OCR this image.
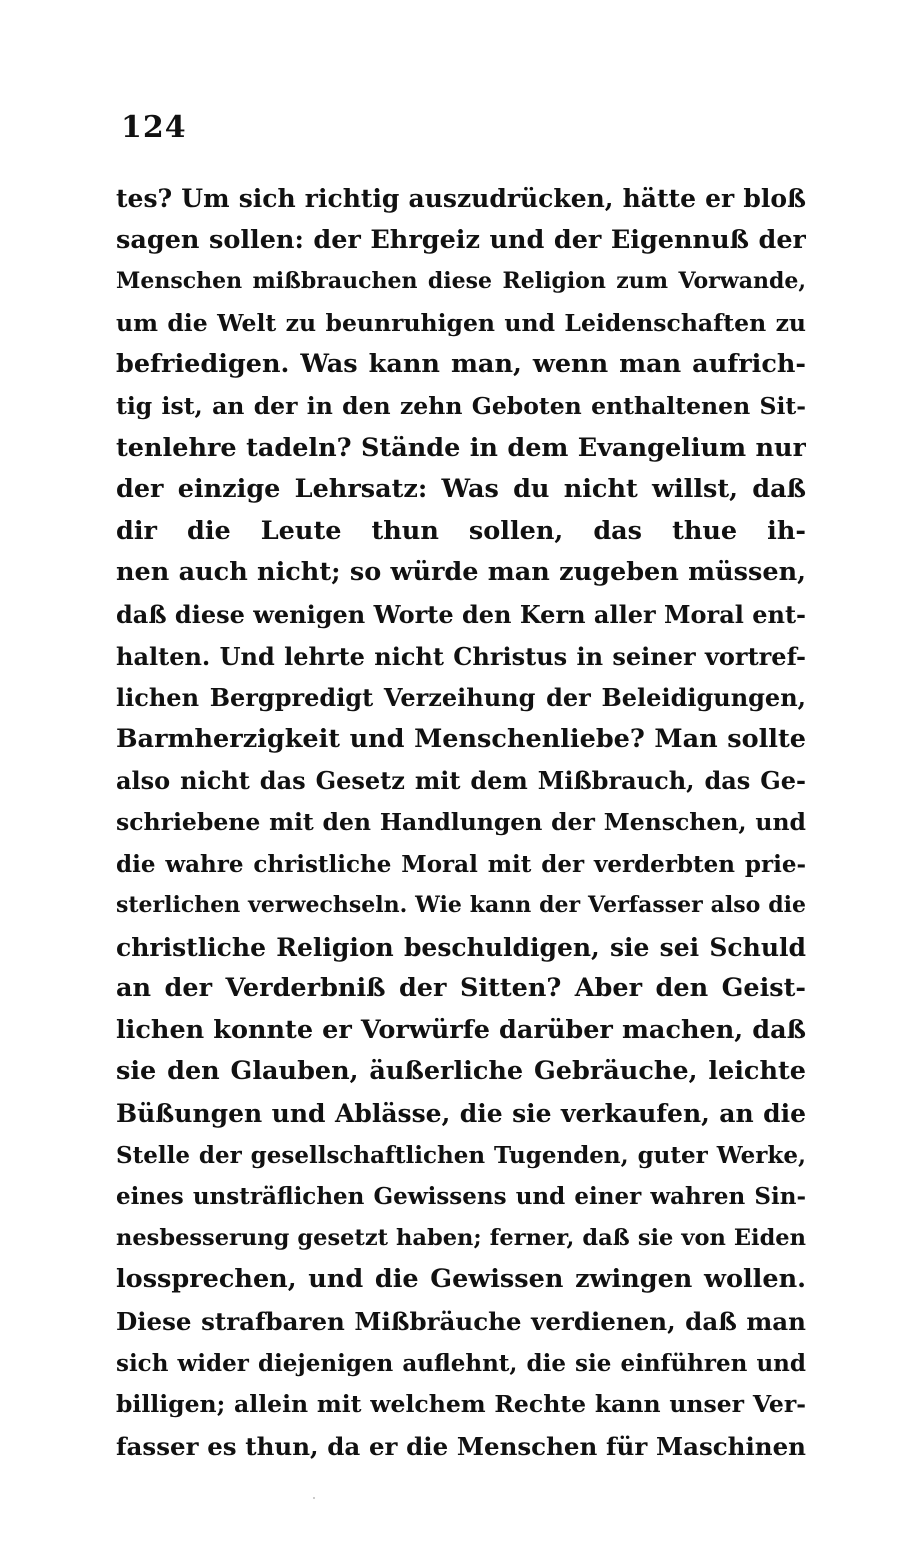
124
tes? Um sich richtig auszudrücken, hätte er bloß
sagen sollen: der Ehrgeiz und der Eigennuß der
Menschen mißbrauchen diese Religion zum Vorwande,
um die Welt zu beunruhigen und Leidenschaften zu
befriedigen. Was kann man, wenn man aufrich-
tig ist, an der in den zehn Geboten enthaltenen Sit-
tenlehre tadeln? Stände in dem Evangelium nur
der einzige Lehrsatz: Was du nicht willst, daß
dir die Leute thun sollen, das thue ih-
nen auch nicht; so würde man zugeben müssen,
daß diese wenigen Worte den Kern aller Moral ent-
halten. Und lehrte nicht Christus in seiner vortref-
lichen Bergpredigt Verzeihung der Beleidigungen,
Barmherzigkeit und Menschenliebe? Man sollte
also nicht das Gesetz mit dem Mißbrauch, das Ge-
schriebene mit den Handlungen der Menschen, und
die wahre christliche Moral mit der verderbten prie-
sterlichen verwechseln. Wie kann der Verfasser also die
christliche Religion beschuldigen, sie sei Schuld
an der Verderbniß der Sitten? Aber den Geist-
lichen konnte er Vorwürfe darüber machen, daß
sie den Glauben, äußerliche Gebräuche, leichte
Büßungen und Ablässe, die sie verkaufen, an die
Stelle der gesellschaftlichen Tugenden, guter Werke,
eines unsträflichen Gewissens und einer wahren Sin-
nesbesserung gesetzt haben; ferner, daß sie von Eiden
lossprechen, und die Gewissen zwingen wollen.
Diese strafbaren Mißbräuche verdienen, daß man
sich wider diejenigen auflehnt, die sie einführen und
billigen; allein mit welchem Rechte kann unser Ver-
fasser es thun, da er die Menschen für Maschinen
